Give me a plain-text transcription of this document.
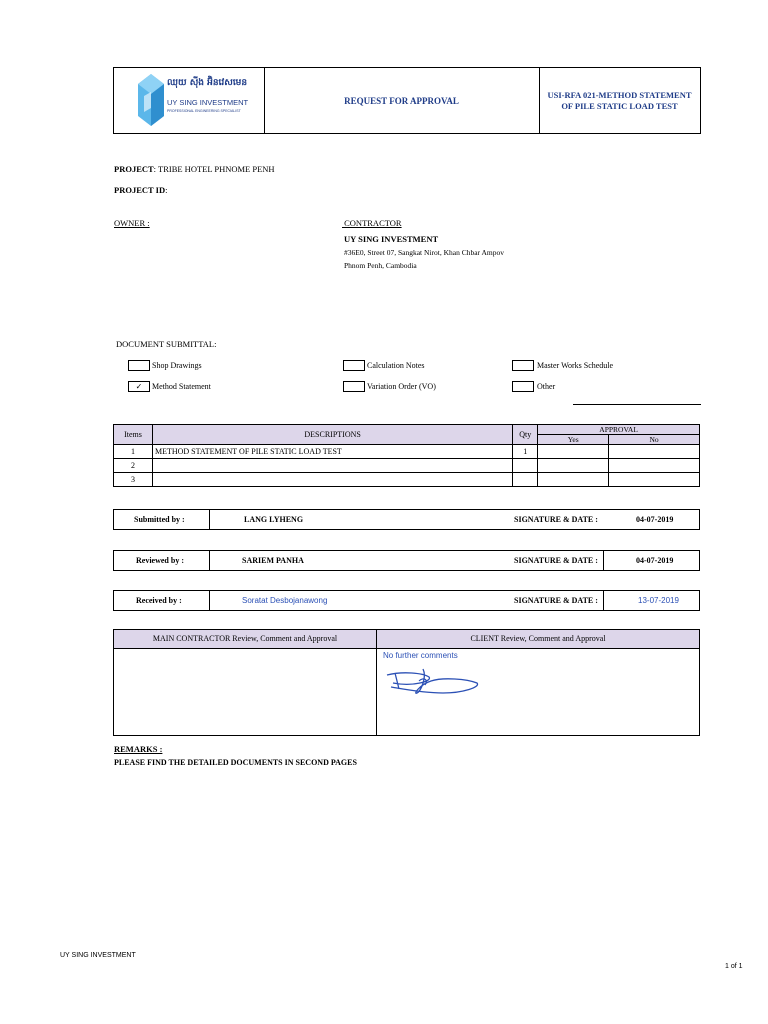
ឈុយ ស៊ីង អ៊ិនវេសមេន
UY SING INVESTMENT
PROFESSIONAL ENGINEERING SPECIALIST
REQUEST FOR APPROVAL
USI-RFA 021-METHOD STATEMENT
OF PILE STATIC LOAD TEST
PROJECT: TRIBE HOTEL PHNOME PENH
PROJECT ID:
OWNER :	CONTRACTOR
UY SING INVESTMENT
#36E0, Street 07, Sangkat Nirot, Khan Chbar Ampov
Phnom Penh, Cambodia
DOCUMENT SUBMITTAL:
Shop Drawings	Calculation Notes	Master Works Schedule
✓	Method Statement	Variation Order (VO)	Other
Items	DESCRIPTIONS	Qty	APPROVAL	
			Yes	No
1	METHOD STATEMENT OF PILE STATIC LOAD TEST	1		
2				
3				
Submitted by :	LANG LYHENG	SIGNATURE & DATE :	04-07-2019
Reviewed by :	SARIEM PANHA	SIGNATURE & DATE :	04-07-2019
Received by :	Soratat Desbojanawong	SIGNATURE & DATE :	13-07-2019
MAIN CONTRACTOR Review, Comment and Approval	CLIENT Review, Comment and Approval
No further comments
REMARKS :
PLEASE FIND THE DETAILED DOCUMENTS IN SECOND PAGES
UY SING INVESTMENT
1 of 1
